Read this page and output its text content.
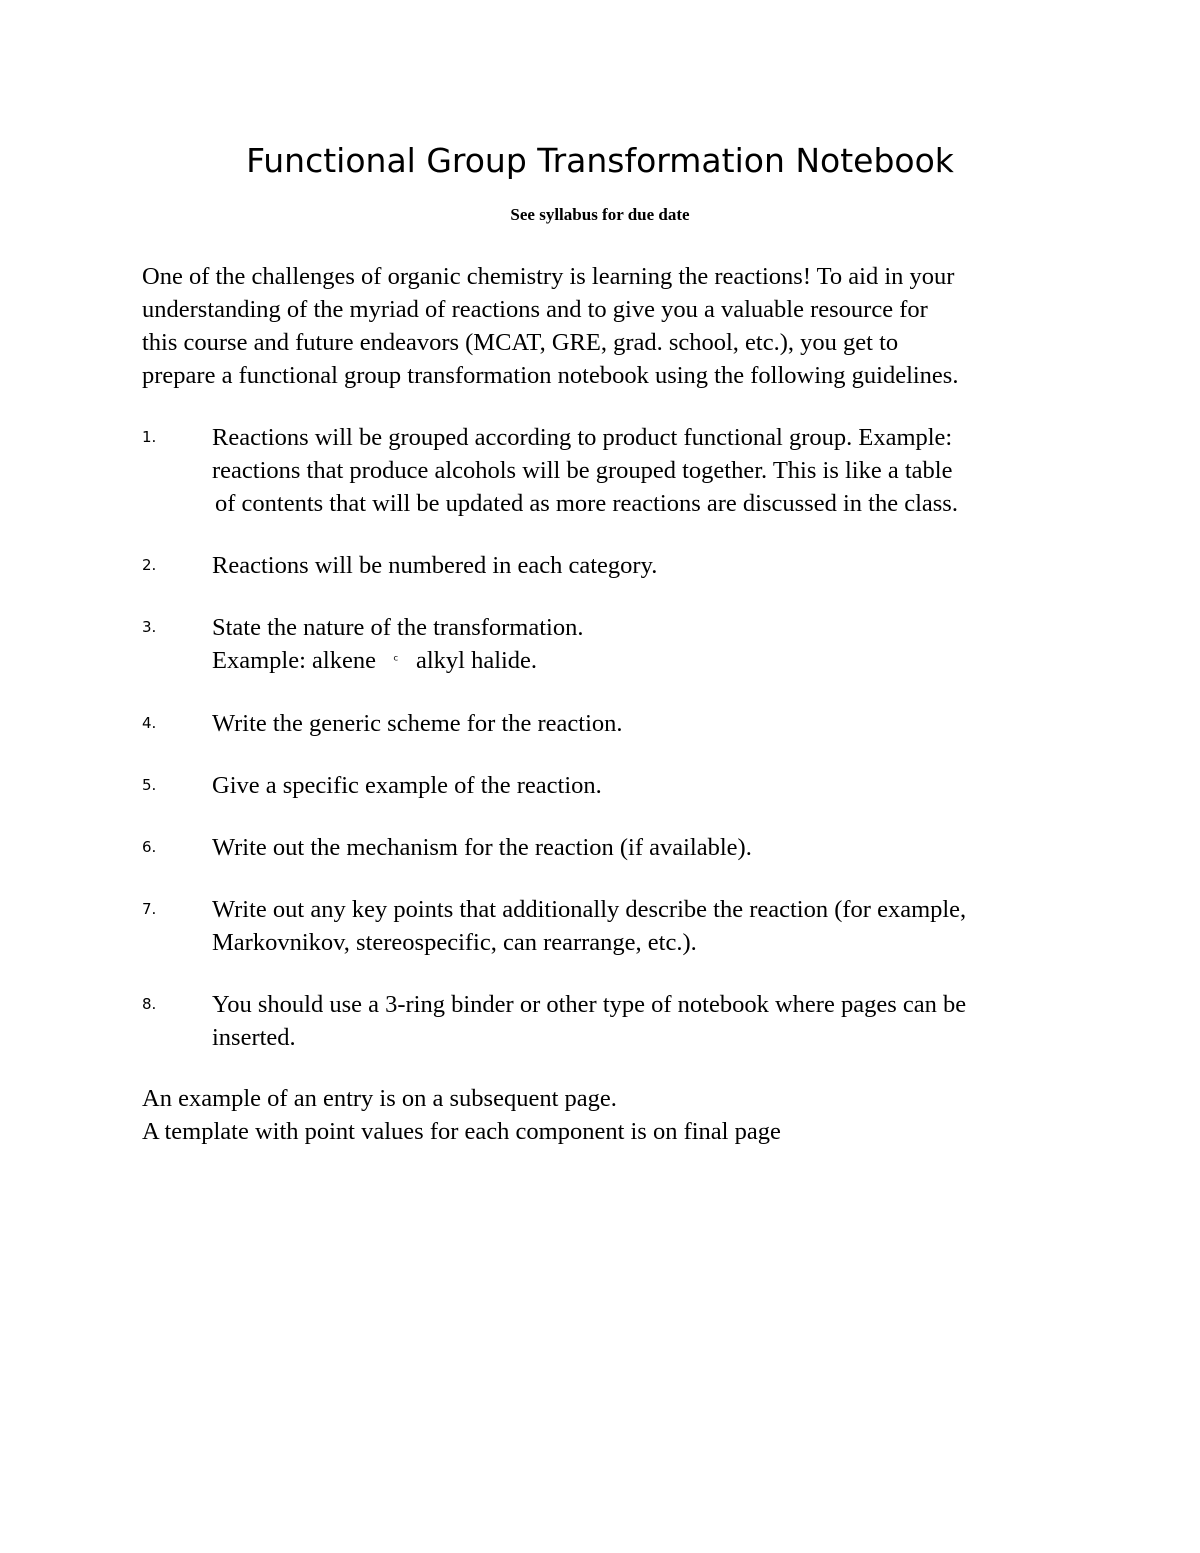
Functional Group Transformation Notebook
See syllabus for due date
One of the challenges of organic chemistry is learning the reactions! To aid in your
understanding of the myriad of reactions and to give you a valuable resource for
this course and future endeavors (MCAT, GRE, grad. school, etc.), you get to
prepare a functional group transformation notebook using the following guidelines.
1. Reactions will be grouped according to product functional group. Example:
reactions that produce alcohols will be grouped together. This is like a table
of contents that will be updated as more reactions are discussed in the class.
2. Reactions will be numbered in each category.
3. State the nature of the transformation.
Example: alkene ᶜ alkyl halide.
4. Write the generic scheme for the reaction.
5. Give a specific example of the reaction.
6. Write out the mechanism for the reaction (if available).
7. Write out any key points that additionally describe the reaction (for example,
Markovnikov, stereospecific, can rearrange, etc.).
8. You should use a 3-ring binder or other type of notebook where pages can be
inserted.
An example of an entry is on a subsequent page.
A template with point values for each component is on final page
